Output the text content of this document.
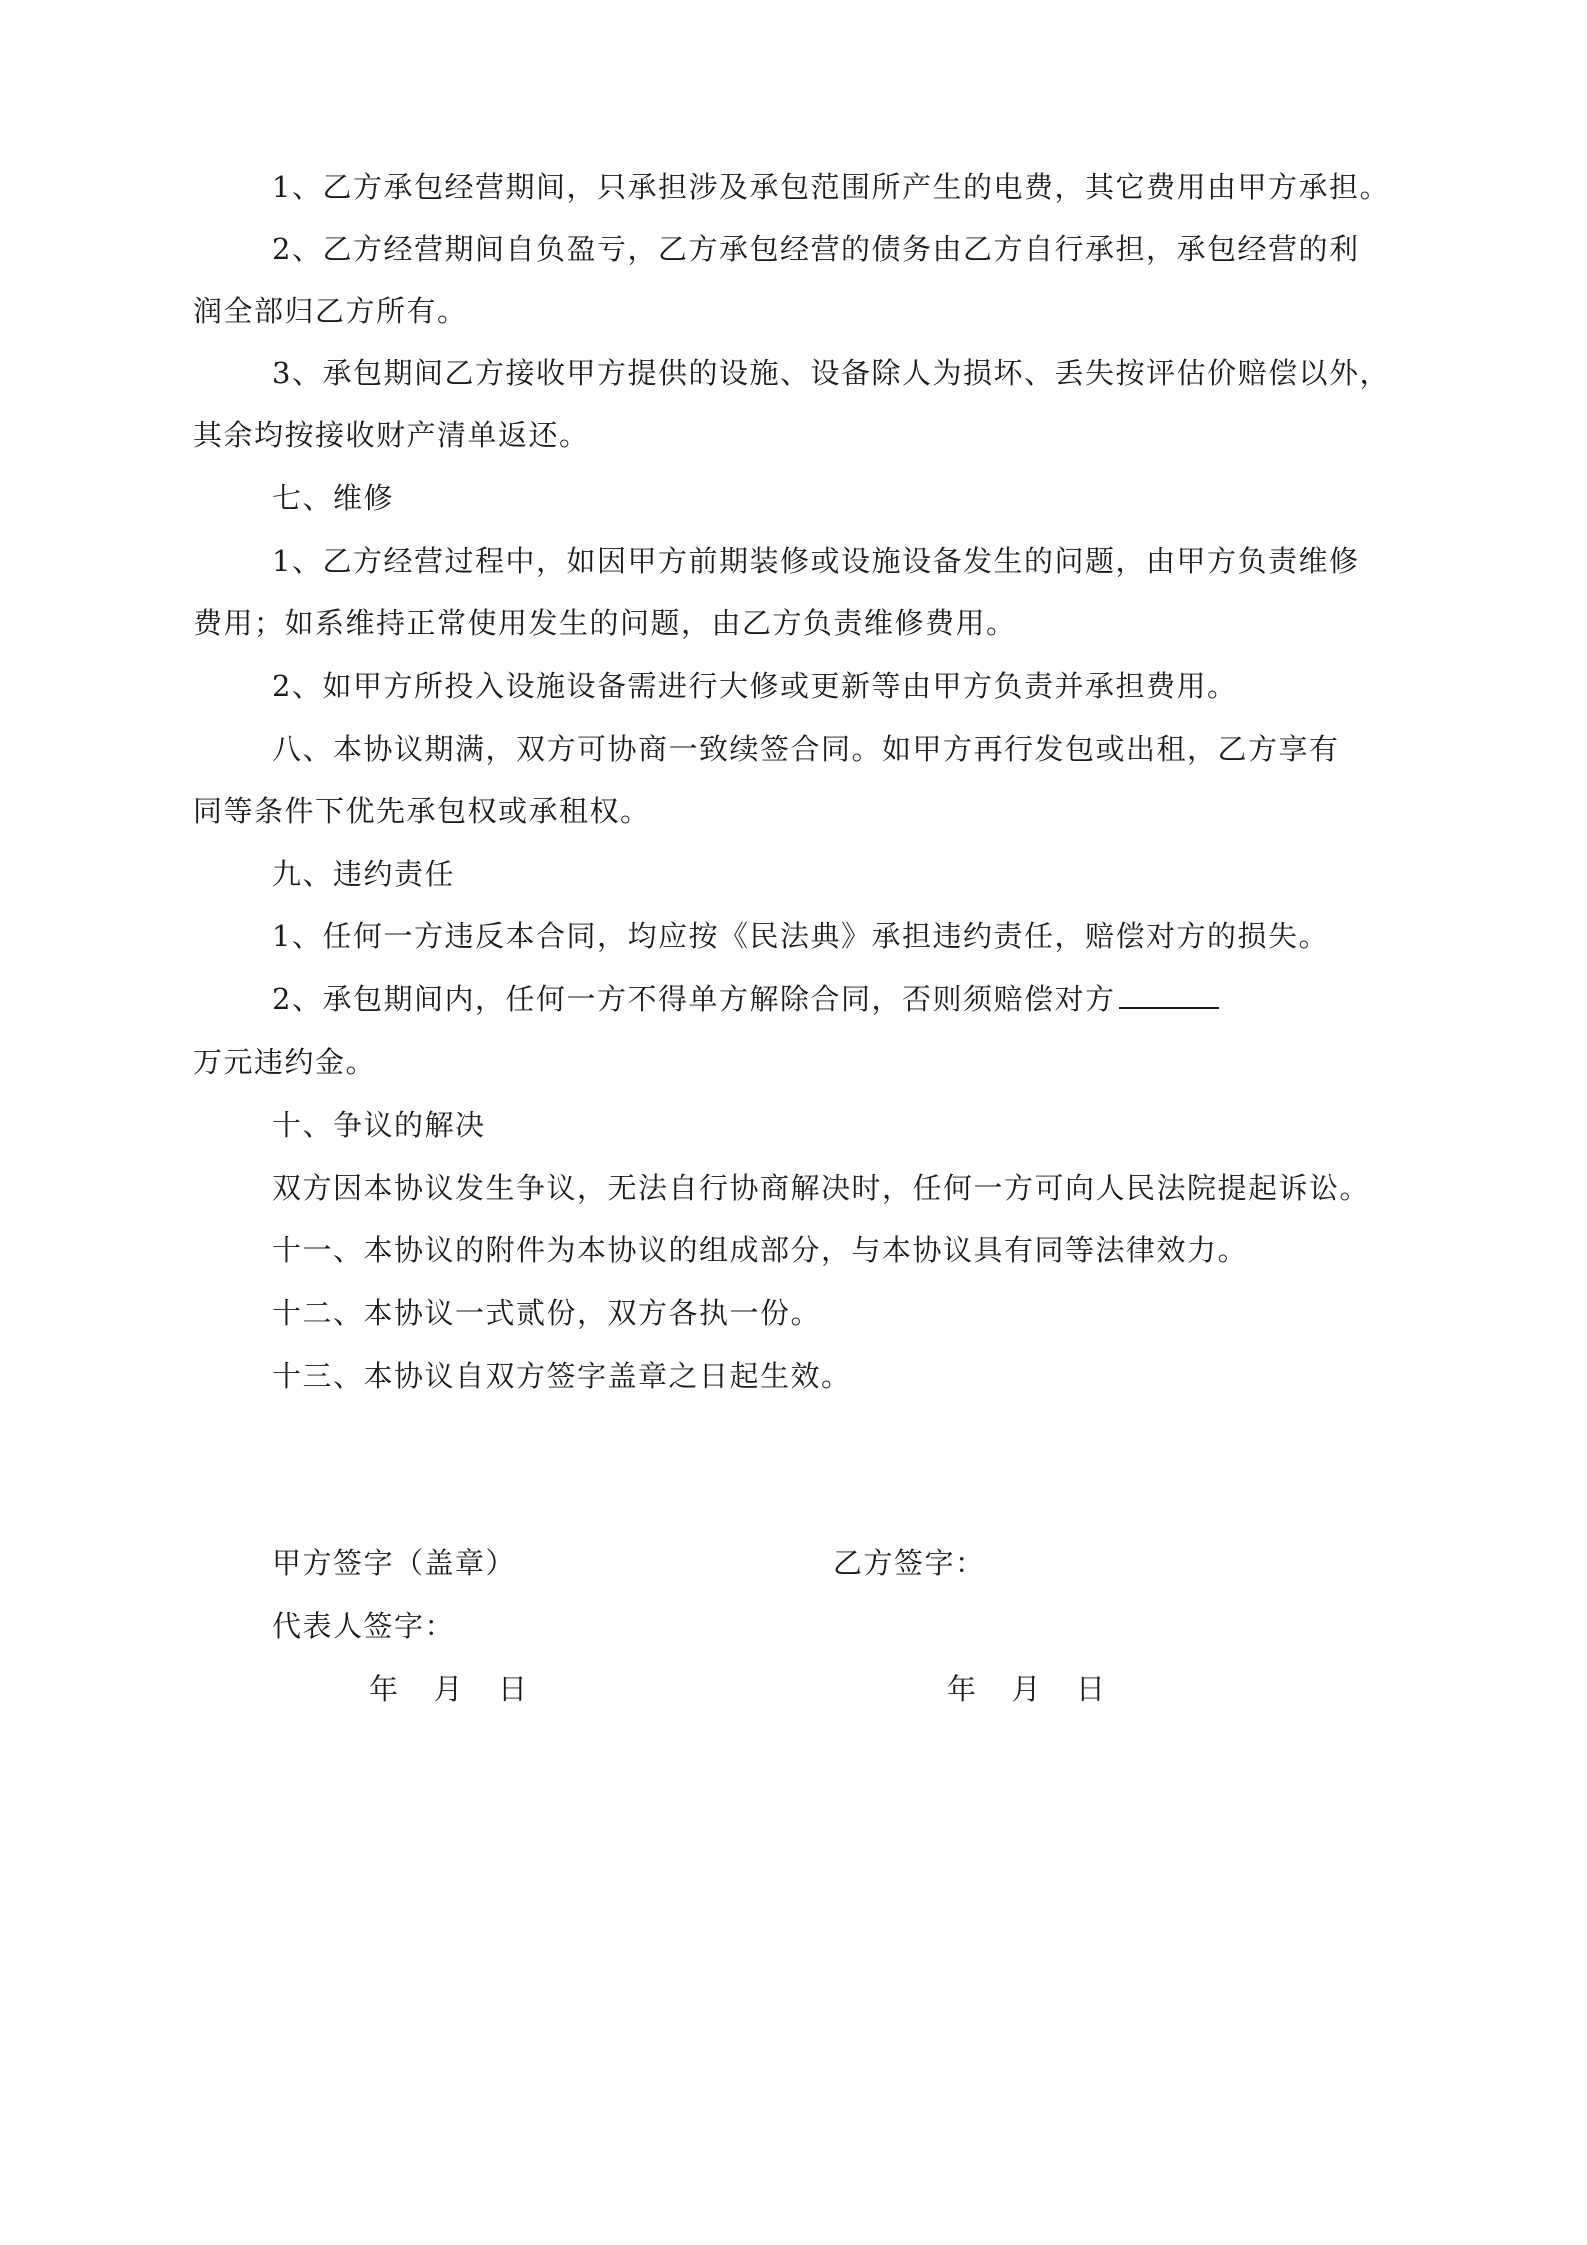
1、乙方承包经营期间，只承担涉及承包范围所产生的电费，其它费用由甲方承担。
2、乙方经营期间自负盈亏，乙方承包经营的债务由乙方自行承担，承包经营的利
润全部归乙方所有。
3、承包期间乙方接收甲方提供的设施、设备除人为损坏、丢失按评估价赔偿以外，
其余均按接收财产清单返还。
七、维修
1、乙方经营过程中，如因甲方前期装修或设施设备发生的问题，由甲方负责维修
费用；如系维持正常使用发生的问题，由乙方负责维修费用。
2、如甲方所投入设施设备需进行大修或更新等由甲方负责并承担费用。
八、本协议期满，双方可协商一致续签合同。如甲方再行发包或出租，乙方享有
同等条件下优先承包权或承租权。
九、违约责任
1、任何一方违反本合同，均应按《民法典》承担违约责任，赔偿对方的损失。
2、承包期间内，任何一方不得单方解除合同，否则须赔偿对方
万元违约金。
十、争议的解决
双方因本协议发生争议，无法自行协商解决时，任何一方可向人民法院提起诉讼。
十一、本协议的附件为本协议的组成部分，与本协议具有同等法律效力。
十二、本协议一式贰份，双方各执一份。
十三、本协议自双方签字盖章之日起生效。
甲方签字（盖章）	乙方签字：
代表人签字：
年 月 日	年 月 日
